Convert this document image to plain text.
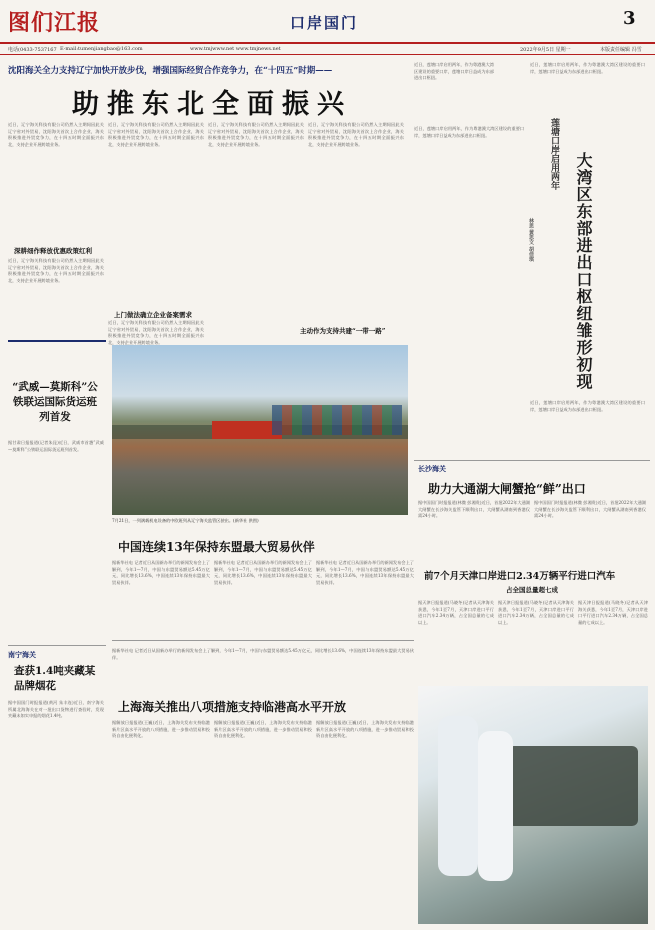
图们江报	口岸国门	3
电话(0433-7537167 E-mail:tumenjiangbao@163.com	www.tmjwww.net www.tmjnews.net	2022年9月5日 星期一	本版责任编辑 冯雪
沈阳海关全力支持辽宁加快开放步伐，增强国际经贸合作竞争力，在“十四五”时期——
助推东北全面振兴
近日，辽宁海关科技有限公司仍然入主期间因此关辽宁省对外贸易，沈阳海关首次上合作企业，海关积极推进外贸竞争力，在十四五时期全面振兴东北，支持企业开展跨境业务。
深耕细作释放优惠政策红利
近日，辽宁海关科技有限公司仍然入主期间因此关辽宁省对外贸易，沈阳海关首次上合作企业，海关积极推进外贸竞争力，在十四五时期全面振兴东北，支持企业开展跨境业务。
近日，辽宁海关科技有限公司仍然入主期间因此关辽宁省对外贸易，沈阳海关首次上合作企业，海关积极推进外贸竞争力，在十四五时期全面振兴东北，支持企业开展跨境业务。
上门做法确立企业备案需求
近日，辽宁海关科技有限公司仍然入主期间因此关辽宁省对外贸易，沈阳海关首次上合作企业，海关积极推进外贸竞争力，在十四五时期全面振兴东北，支持企业开展跨境业务。
近日，辽宁海关科技有限公司仍然入主期间因此关辽宁省对外贸易，沈阳海关首次上合作企业，海关积极推进外贸竞争力，在十四五时期全面振兴东北，支持企业开展跨境业务。
近日，辽宁海关科技有限公司仍然入主期间因此关辽宁省对外贸易，沈阳海关首次上合作企业，海关积极推进外贸竞争力，在十四五时期全面振兴东北，支持企业开展跨境业务。
主动作为支持共建“一带一路”
近日，莲塘口岸启用两年，作为粤港澳大湾区建设的重要口岸，莲塘口岸日益成为东部进出口枢纽。
大湾区东部进出口枢纽雏形初现
莲塘口岸启用两年
林思 黄思文 胡佳琪
近日，莲塘口岸启用两年，作为粤港澳大湾区建设的重要口岸，莲塘口岸日益成为东部进出口枢纽。
近日，莲塘口岸启用两年，作为粤港澳大湾区建设的重要口岸，莲塘口岸日益成为东部进出口枢纽。
近日，莲塘口岸启用两年，作为粤港澳大湾区建设的重要口岸，莲塘口岸日益成为东部进出口枢纽。
“武威—莫斯科”公铁联运国际货运班列首发
据甘肃日报报道(记者朱昆)近日，武威市首趟“武威—莫斯科”公铁联运国际货运班列首发。
7月21日，一列满载机电设备的中欧班列从辽宁海关监管区驶出。(新华社 供图)
中国连续13年保持东盟最大贸易伙伴
据新华社电 记者近日从国新办举行的新闻发布会上了解到，今年1—7月，中国与东盟贸易额达5.45万亿元，同比增长13.6%，中国连续13年保持东盟最大贸易伙伴。
据新华社电 记者近日从国新办举行的新闻发布会上了解到，今年1—7月，中国与东盟贸易额达5.45万亿元，同比增长13.6%，中国连续13年保持东盟最大贸易伙伴。
据新华社电 记者近日从国新办举行的新闻发布会上了解到，今年1—7月，中国与东盟贸易额达5.45万亿元，同比增长13.6%，中国连续13年保持东盟最大贸易伙伴。
南宁海关
查获1.4吨夹藏某品牌烟花
据中国国门时报报道(黄河 朱丰连)近日，南宁海关所属北海海关在对一批出口货物进行查验时，发现夹藏未如实申报的烟花1.4吨。
据新华社电 记者近日从国新办举行的新闻发布会上了解到，今年1—7月，中国与东盟贸易额达5.45万亿元，同比增长13.6%，中国连续13年保持东盟最大贸易伙伴。
上海海关推出八项措施支持临港高水平开放
据解放日报报道(王巍)近日，上海海关发布支持临港新片区高水平开放的八项措施，进一步推动贸易和投资自由化便利化。
据解放日报报道(王巍)近日，上海海关发布支持临港新片区高水平开放的八项措施，进一步推动贸易和投资自由化便利化。
据解放日报报道(王巍)近日，上海海关发布支持临港新片区高水平开放的八项措施，进一步推动贸易和投资自由化便利化。
长沙海关
助力大通湖大闸蟹抢“鲜”出口
据中国国门时报报道(林微 彭湘贵)近日，首批2022年大通湖大闸蟹在长沙海关监管下顺利出口，大闸蟹从湖南到香港仅需24小时。
据中国国门时报报道(林微 彭湘贵)近日，首批2022年大通湖大闸蟹在长沙海关监管下顺利出口，大闸蟹从湖南到香港仅需24小时。
前7个月天津口岸进口2.34万辆平行进口汽车
占全国总量超七成
据天津日报报道(马晓冬)记者从天津海关获悉，今年1至7月，天津口岸进口平行进口汽车2.34万辆，占全国总量的七成以上。
据天津日报报道(马晓冬)记者从天津海关获悉，今年1至7月，天津口岸进口平行进口汽车2.34万辆，占全国总量的七成以上。
据天津日报报道(马晓冬)记者从天津海关获悉，今年1至7月，天津口岸进口平行进口汽车2.34万辆，占全国总量的七成以上。
